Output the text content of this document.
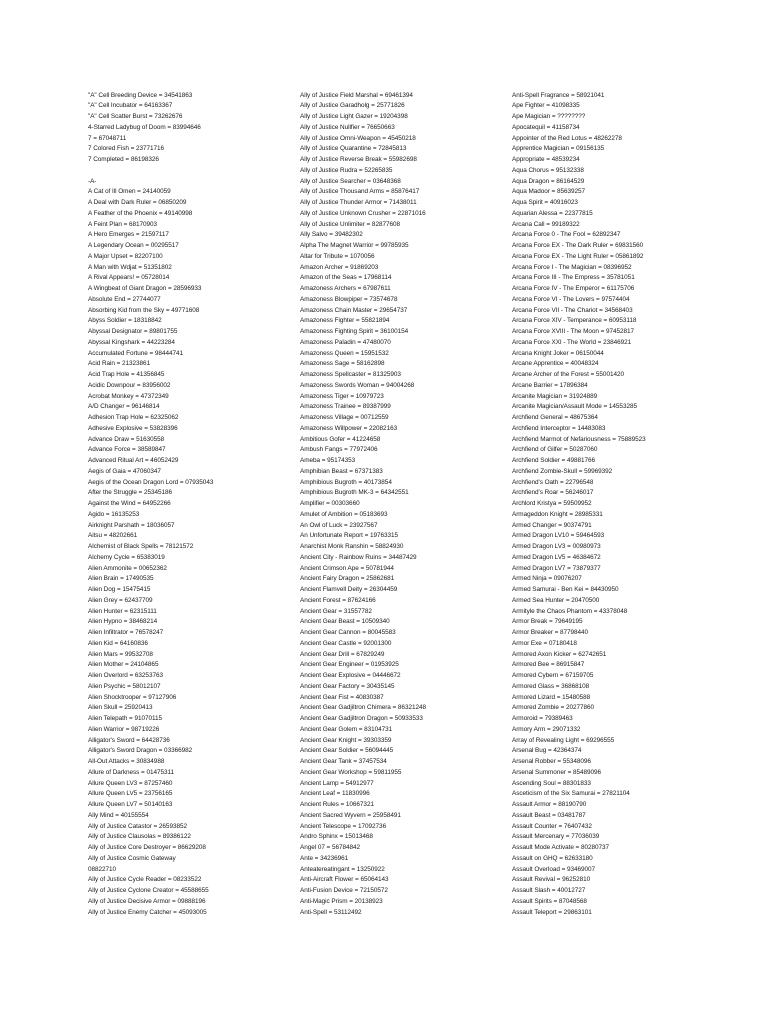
"A" Cell Breeding Device = 34541863
"A" Cell Incubator = 64163367
"A" Cell Scatter Burst = 73262676
4-Starred Ladybug of Doom = 83994646
7 = 67048711
7 Colored Fish = 23771716
7 Completed = 86198326
-A-
A Cat of Ill Omen = 24140059
A Deal with Dark Ruler = 06850209
A Feather of the Phoenix = 49140998
A Feint Plan = 68170903
A Hero Emerges = 21597117
A Legendary Ocean = 00295517
A Major Upset = 82207100
A Man with Wdjat = 51351802
A Rival Appears! = 05728014
A Wingbeat of Giant Dragon = 28596933
Absolute End = 27744077
Absorbing Kid from the Sky = 49771608
Abyss Soldier = 18318842
Abyssal Designator = 89801755
Abyssal Kingshark = 44223284
Accumulated Fortune = 98444741
Acid Rain = 21323861
Acid Trap Hole = 41356845
Acidic Downpour = 83956002
Acrobat Monkey = 47372349
A/D Changer = 96146814
Adhesion Trap Hole = 62325062
Adhesive Explosive = 53828396
Advance Draw = 51630558
Advance Force = 38589847
Advanced Ritual Art = 46052429
Aegis of Gaia = 47060347
Aegis of the Ocean Dragon Lord = 07935043
After the Struggle = 25345186
Against the Wind = 64952266
Agido = 16135253
Airknight Parshath = 18036057
Aitsu = 48202661
Alchemist of Black Spells = 78121572
Alchemy Cycle = 65383019
Alien Ammonite = 00652362
Alien Brain = 17490535
Alien Dog = 15475415
Alien Grey = 62437709
Alien Hunter = 62315111
Alien Hypno = 38468214
Alien Infiltrator = 76578247
Alien Kid = 64160836
Alien Mars = 99532708
Alien Mother = 24104865
Alien Overlord = 63253763
Alien Psychic = 58012107
Alien Shocktrooper = 97127906
Alien Skull = 25920413
Alien Telepath = 91070115
Alien Warrior = 98719226
Alligator's Sword = 64428736
Alligator's Sword Dragon = 03366982
All-Out Attacks = 30834988
Allure of Darkness = 01475311
Allure Queen LV3 = 87257460
Allure Queen LV5 = 23756165
Allure Queen LV7 = 50140163
Ally Mind = 40155554
Ally of Justice Catastor = 26593852
Ally of Justice Clausolas = 89386122
Ally of Justice Core Destroyer = 86629208
Ally of Justice Cosmic Gateway
08822710
Ally of Justice Cycle Reader = 08233522
Ally of Justice Cyclone Creator = 45588655
Ally of Justice Decisive Armor = 09888196
Ally of Justice Enemy Catcher = 45093005
Ally of Justice Field Marshal = 69461394
Ally of Justice Garadholg = 25771826
Ally of Justice Light Gazer = 19204398
Ally of Justice Nullfier = 76650663
Ally of Justice Omni-Weapon = 45450218
Ally of Justice Quarantine = 72845813
Ally of Justice Reverse Break = 55982698
Ally of Justice Rudra = 52265835
Ally of Justice Searcher = 03648368
Ally of Justice Thousand Arms = 85876417
Ally of Justice Thunder Armor = 71438011
Ally of Justice Unknown Crusher = 22871016
Ally of Justice Unlimiter = 82877608
Ally Salvo = 39482302
Alpha The Magnet Warrior = 99785935
Altar for Tribute = 1070056
Amazon Archer = 91869203
Amazon of the Seas = 17968114
Amazoness Archers = 67987611
Amazoness Blowpiper = 73574678
Amazoness Chain Master = 29654737
Amazoness Fighter = 55821894
Amazoness Fighting Spirit = 36100154
Amazoness Paladin = 47480070
Amazoness Queen = 15951532
Amazoness Sage = 58162898
Amazoness Spellcaster = 81325903
Amazoness Swords Woman = 94004268
Amazoness Tiger = 10979723
Amazoness Trainee = 89387999
Amazoness Village = 00712559
Amazoness Willpower = 22082163
Ambitious Gofer = 41224658
Ambush Fangs = 77972406
Ameba = 95174353
Amphibian Beast = 67371383
Amphibious Bugroth = 40173854
Amphibious Bugroth MK-3 = 64342551
Amplifier = 00303660
Amulet of Ambition = 05183693
An Owl of Luck = 23927567
An Unfortunate Report = 19763315
Anarchist Monk Ranshin = 58824930
Ancient City - Rainbow Ruins = 34487429
Ancient Crimson Ape = 50781944
Ancient Fairy Dragon = 25862681
Ancient Flamvell Deity = 26304459
Ancient Forest = 87624166
Ancient Gear = 31557782
Ancient Gear Beast = 10509340
Ancient Gear Cannon = 80045583
Ancient Gear Castle = 92001300
Ancient Gear Drill = 67829249
Ancient Gear Engineer = 01953925
Ancient Gear Explosive = 04446672
Ancient Gear Factory = 30435145
Ancient Gear Fist = 40830387
Ancient Gear Gadjiltron Chimera = 86321248
Ancient Gear Gadjiltron Dragon = 50933533
Ancient Gear Golem = 83104731
Ancient Gear Knight = 39303359
Ancient Gear Soldier = 56094445
Ancient Gear Tank = 37457534
Ancient Gear Workshop = 59811955
Ancient Lamp = 54912977
Ancient Leaf = 11830996
Ancient Rules = 10667321
Ancient Sacred Wyvern = 25958491
Ancient Telescope = 17092736
Andro Sphinx = 15013468
Angel 07 = 56784842
Ante = 34236961
Anteatereatingant = 13250922
Anti-Aircraft Flower = 65064143
Anti-Fusion Device = 72150572
Anti-Magic Prism = 20138923
Anti-Spell = 53112492
Anti-Spell Fragrance = 58921041
Ape Fighter = 41098335
Ape Magician = ????????
Apocatequil = 41158734
Appointer of the Red Lotus = 48262278
Apprentice Magician = 09156135
Appropriate = 48539234
Aqua Chorus = 95132338
Aqua Dragon = 86164529
Aqua Madoor = 85639257
Aqua Spirit = 40916023
Aquarian Alessa = 22377815
Arcana Call = 99189322
Arcana Force 0 - The Fool = 62892347
Arcana Force EX - The Dark Ruler = 69831560
Arcana Force EX - The Light Ruler = 05861892
Arcana Force I - The Magician = 08396952
Arcana Force III - The Empress = 35781051
Arcana Force IV - The Emperor = 61175706
Arcana Force VI - The Lovers = 97574404
Arcana Force VII - The Chariot = 34568403
Arcana Force XIV - Temperance = 60953118
Arcana Force XVIII - The Moon = 97452817
Arcana Force XXI - The World = 23846921
Arcana Knight Joker = 06150044
Arcane Apprentice = 40048324
Arcane Archer of the Forest = 55001420
Arcane Barrier = 17896384
Arcanite Magician = 31924889
Arcanite Magician/Assault Mode = 14553285
Archfiend General = 48675364
Archfiend Interceptor = 14483083
Archfiend Marmot of Nefariousness = 75889523
Archfiend of Gilfer = 50287060
Archfiend Soldier = 49881766
Archfiend Zombie-Skull = 59969392
Archfiend's Oath = 22796548
Archfiend's Roar = 56246017
Archlord Kristya = 59509952
Armageddon Knight = 28985331
Armed Changer = 90374791
Armed Dragon LV10 = 59464593
Armed Dragon LV3 = 00980973
Armed Dragon LV5 = 46384672
Armed Dragon LV7 = 73879377
Armed Ninja = 09076207
Armed Samurai - Ben Kei = 84430950
Armed Sea Hunter = 20470500
Armityle the Chaos Phantom = 43378048
Armor Break = 79649195
Armor Breaker = 87798440
Armor Exe = 07180418
Armored Axon Kicker = 62742651
Armored Bee = 86915847
Armored Cybern = 67159705
Armored Glass = 36868108
Armored Lizard = 15480588
Armored Zombie = 20277860
Armoroid = 79389463
Armory Arm = 29071332
Array of Revealing Light = 69296555
Arsenal Bug = 42364374
Arsenal Robber = 55348096
Arsenal Summoner = 85489096
Ascending Soul = 88301833
Asceticism of the Six Samurai = 27821104
Assault Armor = 88190790
Assault Beast = 03481787
Assault Counter = 76407432
Assault Mercenary = 77036039
Assault Mode Activate = 80280737
Assault on GHQ = 62633180
Assault Overload = 93469007
Assault Revival = 96252810
Assault Slash = 40012727
Assault Spirits = 87048568
Assault Teleport = 29863101
